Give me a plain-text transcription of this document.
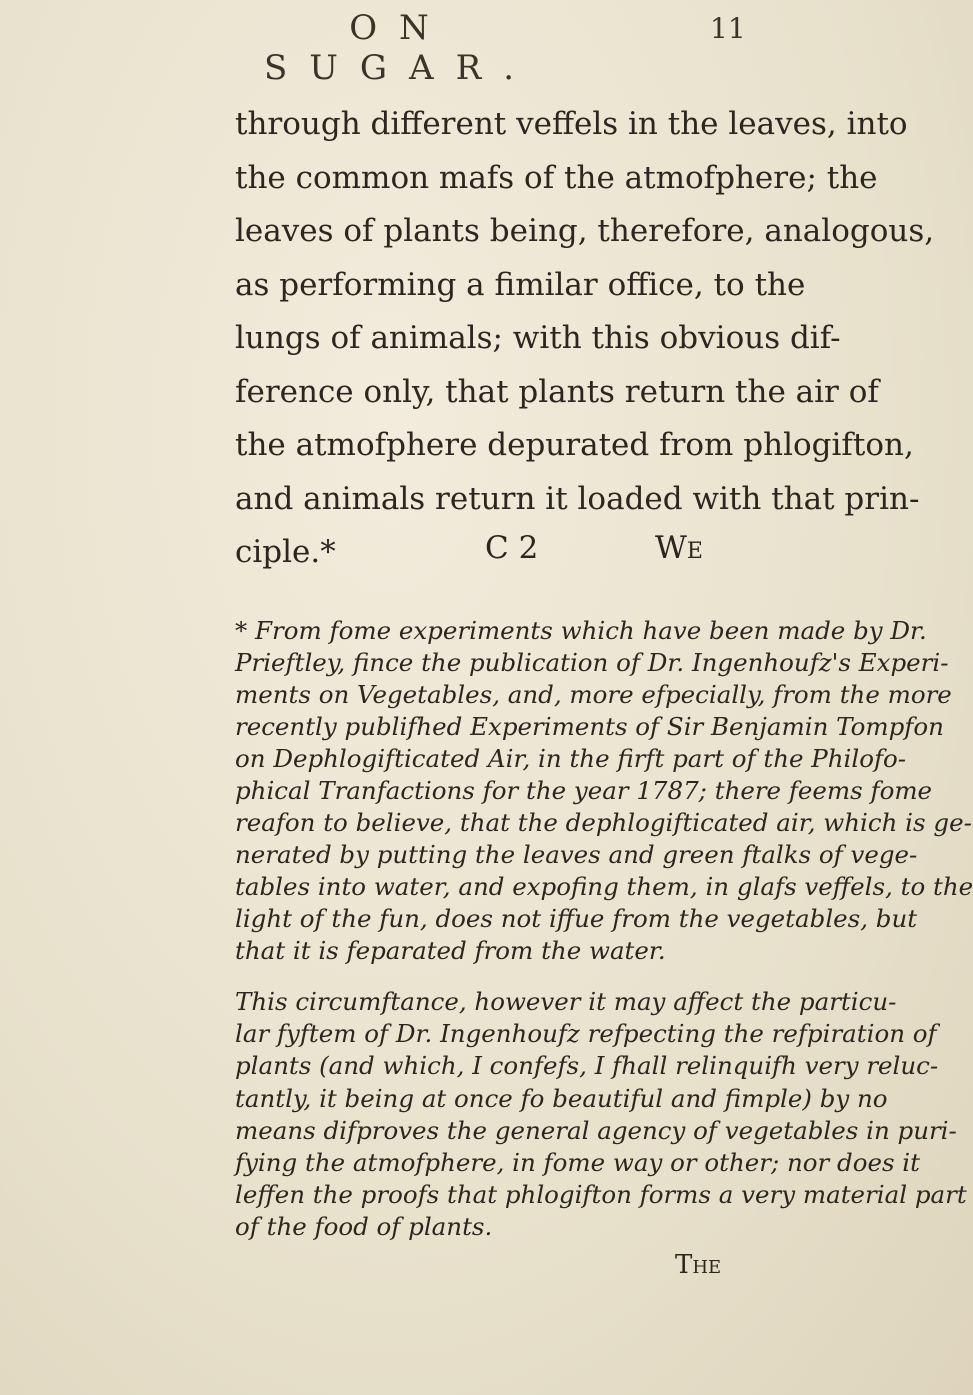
ON SUGAR.
11
through different veffels in the leaves, into
the common mafs of the atmofphere; the
leaves of plants being, therefore, analogous,
as performing a fimilar office, to the
lungs of animals; with this obvious dif-
ference only, that plants return the air of
the atmofphere depurated from phlogifton,
and animals return it loaded with that prin-
ciple.*	C 2	We
* From fome experiments which have been made by Dr.
Prieftley, fince the publication of Dr. Ingenhoufz's Experi-
ments on Vegetables, and, more efpecially, from the more
recently publifhed Experiments of Sir Benjamin Tompfon
on Dephlogifticated Air, in the firft part of the Philofo-
phical Tranfactions for the year 1787; there feems fome
reafon to believe, that the dephlogifticated air, which is ge-
nerated by putting the leaves and green ftalks of vege-
tables into water, and expofing them, in glafs veffels, to the
light of the fun, does not iffue from the vegetables, but
that it is feparated from the water.
This circumftance, however it may affect the particu-
lar fyftem of Dr. Ingenhoufz refpecting the refpiration of
plants (and which, I confefs, I fhall relinquifh very reluc-
tantly, it being at once fo beautiful and fimple) by no
means difproves the general agency of vegetables in puri-
fying the atmofphere, in fome way or other; nor does it
leffen the proofs that phlogifton forms a very material part
of the food of plants.
The
